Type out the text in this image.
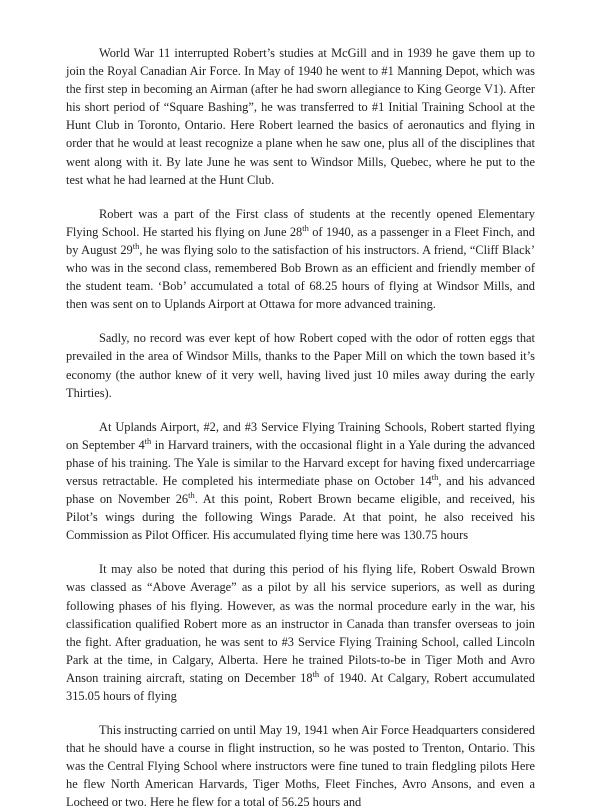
World War 11 interrupted Robert’s studies at McGill and in 1939 he gave them up to join the Royal Canadian Air Force. In May of 1940 he went to #1 Manning Depot, which was the first step in becoming an Airman (after he had sworn allegiance to King George V1). After his short period of “Square Bashing”, he was transferred to #1 Initial Training School at the Hunt Club in Toronto, Ontario. Here Robert learned the basics of aeronautics and flying in order that he would at least recognize a plane when he saw one, plus all of the disciplines that went along with it. By late June he was sent to Windsor Mills, Quebec, where he put to the test what he had learned at the Hunt Club.

Robert was a part of the First class of students at the recently opened Elementary Flying School. He started his flying on June 28th of 1940, as a passenger in a Fleet Finch, and by August 29th, he was flying solo to the satisfaction of his instructors. A friend, “Cliff Black’ who was in the second class, remembered Bob Brown as an efficient and friendly member of the student team. ‘Bob’ accumulated a total of 68.25 hours of flying at Windsor Mills, and then was sent on to Uplands Airport at Ottawa for more advanced training.

Sadly, no record was ever kept of how Robert coped with the odor of rotten eggs that prevailed in the area of Windsor Mills, thanks to the Paper Mill on which the town based it’s economy (the author knew of it very well, having lived just 10 miles away during the early Thirties).

At Uplands Airport, #2, and #3 Service Flying Training Schools, Robert started flying on September 4th in Harvard trainers, with the occasional flight in a Yale during the advanced phase of his training. The Yale is similar to the Harvard except for having fixed undercarriage versus retractable. He completed his intermediate phase on October 14th, and his advanced phase on November 26th. At this point, Robert Brown became eligible, and received, his Pilot’s wings during the following Wings Parade. At that point, he also received his Commission as Pilot Officer. His accumulated flying time here was 130.75 hours

It may also be noted that during this period of his flying life, Robert Oswald Brown was classed as “Above Average” as a pilot by all his service superiors, as well as during following phases of his flying. However, as was the normal procedure early in the war, his classification qualified Robert more as an instructor in Canada than transfer overseas to join the fight. After graduation, he was sent to #3 Service Flying Training School, called Lincoln Park at the time, in Calgary, Alberta. Here he trained Pilots-to-be in Tiger Moth and Avro Anson training aircraft, stating on December 18th of 1940. At Calgary, Robert accumulated 315.05 hours of flying

This instructing carried on until May 19, 1941 when Air Force Headquarters considered that he should have a course in flight instruction, so he was posted to Trenton, Ontario. This was the Central Flying School where instructors were fine tuned to train fledgling pilots Here he flew North American Harvards, Tiger Moths, Fleet Finches, Avro Ansons, and even a Locheed or two. Here he flew for a total of 56.25 hours and
